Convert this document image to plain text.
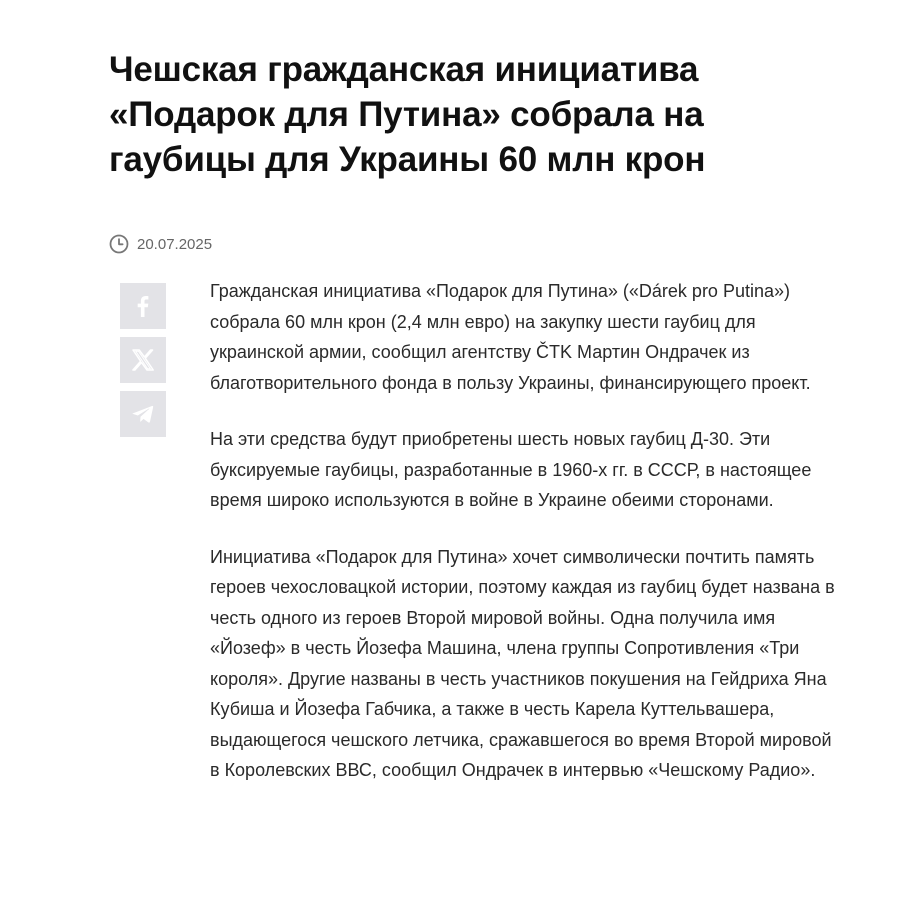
Чешская гражданская инициатива «Подарок для Путина» собрала на гаубицы для Украины 60 млн крон
20.07.2025

Гражданская инициатива «Подарок для Путина» («Dárek pro Putina») собрала 60 млн крон (2,4 млн евро) на закупку шести гаубиц для украинской армии, сообщил агентству ČTK Мартин Ондрачек из благотворительного фонда в пользу Украины, финансирующего проект.

На эти средства будут приобретены шесть новых гаубиц Д-30. Эти буксируемые гаубицы, разработанные в 1960-х гг. в СССР, в настоящее время широко используются в войне в Украине обеими сторонами.

Инициатива «Подарок для Путина» хочет символически почтить память героев чехословацкой истории, поэтому каждая из гаубиц будет названа в честь одного из героев Второй мировой войны. Одна получила имя «Йозеф» в честь Йозефа Машина, члена группы Сопротивления «Три короля». Другие названы в честь участников покушения на Гейдриха Яна Кубиша и Йозефа Габчика, а также в честь Карела Куттельвашера, выдающегося чешского летчика, сражавшегося во время Второй мировой в Королевских ВВС, сообщил Ондрачек в интервью «Чешскому Радио».
